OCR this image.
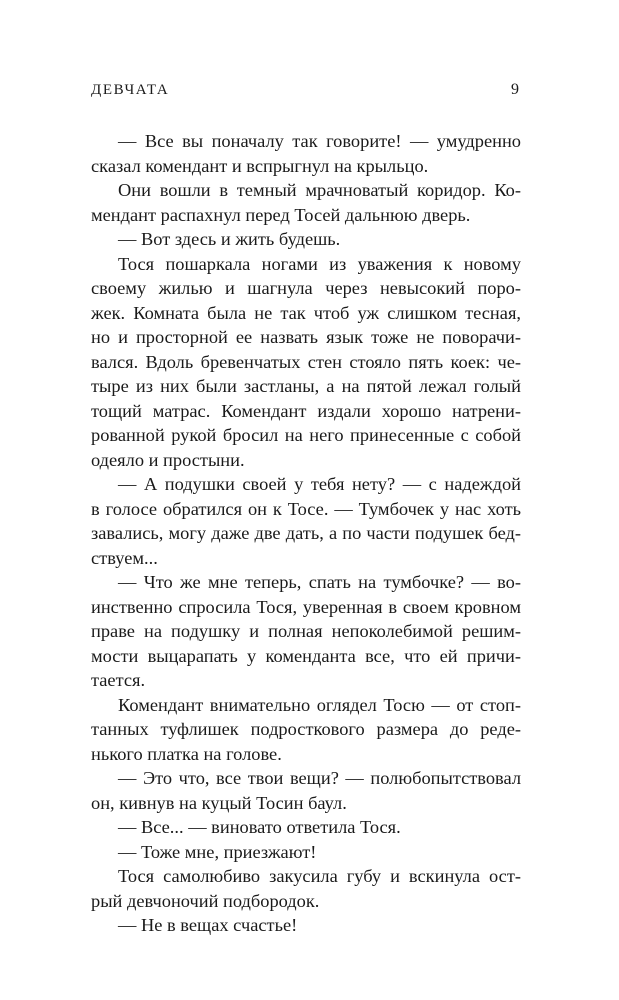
ДЕВЧАТА	9
— Все вы поначалу так говорите! — умудренно
сказал комендант и вспрыгнул на крыльцо.
Они вошли в темный мрачноватый коридор. Ко-
мендант распахнул перед Тосей дальнюю дверь.
— Вот здесь и жить будешь.
Тося пошаркала ногами из уважения к новому
своему жилью и шагнула через невысокий поро-
жек. Комната была не так чтоб уж слишком тесная,
но и просторной ее назвать язык тоже не поворачи-
вался. Вдоль бревенчатых стен стояло пять коек: че-
тыре из них были застланы, а на пятой лежал голый
тощий матрас. Комендант издали хорошо натрени-
рованной рукой бросил на него принесенные с собой
одеяло и простыни.
— А подушки своей у тебя нету? — с надеждой
в голосе обратился он к Тосе. — Тумбочек у нас хоть
завались, могу даже две дать, а по части подушек бед-
ствуем...
— Что же мне теперь, спать на тумбочке? — во-
инственно спросила Тося, уверенная в своем кровном
праве на подушку и полная непоколебимой решим-
мости выцарапать у коменданта все, что ей причи-
тается.
Комендант внимательно оглядел Тосю — от стоп-
танных туфлишек подросткового размера до реде-
нького платка на голове.
— Это что, все твои вещи? — полюбопытствовал
он, кивнув на куцый Тосин баул.
— Все... — виновато ответила Тося.
— Тоже мне, приезжают!
Тося самолюбиво закусила губу и вскинула ост-
рый девчоночий подбородок.
— Не в вещах счастье!
